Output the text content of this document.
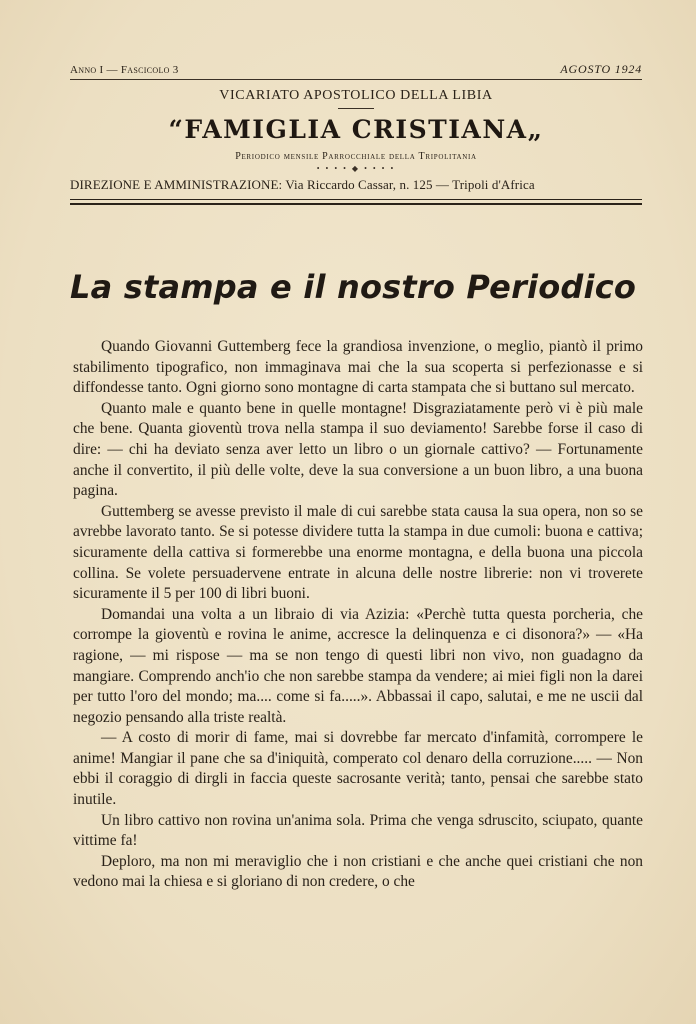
Anno I — Fascicolo 3	AGOSTO 1924
VICARIATO APOSTOLICO DELLA LIBIA
“FAMIGLIA CRISTIANA„
Periodico mensile Parrocchiale della Tripolitania
• • • • ◆ • • • •
DIREZIONE E AMMINISTRAZIONE: Via Riccardo Cassar, n. 125 — Tripoli d'Africa
La stampa e il nostro Periodico

Quando Giovanni Guttemberg fece la grandiosa invenzione, o meglio, piantò il primo stabilimento tipografico, non immaginava mai che la sua scoperta si perfezionasse e si diffondesse tanto. Ogni giorno sono montagne di carta stampata che si buttano sul mercato.

Quanto male e quanto bene in quelle montagne! Disgraziatamente però vi è più male che bene. Quanta gioventù trova nella stampa il suo deviamento! Sarebbe forse il caso di dire: — chi ha deviato senza aver letto un libro o un giornale cattivo? — Fortunamente anche il convertito, il più delle volte, deve la sua conversione a un buon libro, a una buona pagina.

Guttemberg se avesse previsto il male di cui sarebbe stata causa la sua opera, non so se avrebbe lavorato tanto. Se si potesse dividere tutta la stampa in due cumoli: buona e cattiva; sicuramente della cattiva si formerebbe una enorme montagna, e della buona una piccola collina. Se volete persuadervene entrate in alcuna delle nostre librerie: non vi troverete sicuramente il 5 per 100 di libri buoni.

Domandai una volta a un libraio di via Azizia: «Perchè tutta questa porcheria, che corrompe la gioventù e rovina le anime, accresce la delinquenza e ci disonora?» — «Ha ragione, — mi rispose — ma se non tengo di questi libri non vivo, non guadagno da mangiare. Comprendo anch'io che non sarebbe stampa da vendere; ai miei figli non la darei per tutto l'oro del mondo; ma.... come si fa.....». Abbassai il capo, salutai, e me ne uscii dal negozio pensando alla triste realtà.

— A costo di morir di fame, mai si dovrebbe far mercato d'infamità, corrompere le anime! Mangiar il pane che sa d'iniquità, comperato col denaro della corruzione..... — Non ebbi il coraggio di dirgli in faccia queste sacrosante verità; tanto, pensai che sarebbe stato inutile.

Un libro cattivo non rovina un'anima sola. Prima che venga sdruscito, sciupato, quante vittime fa!

Deploro, ma non mi meraviglio che i non cristiani e che anche quei cristiani che non vedono mai la chiesa e si gloriano di non credere, o che
